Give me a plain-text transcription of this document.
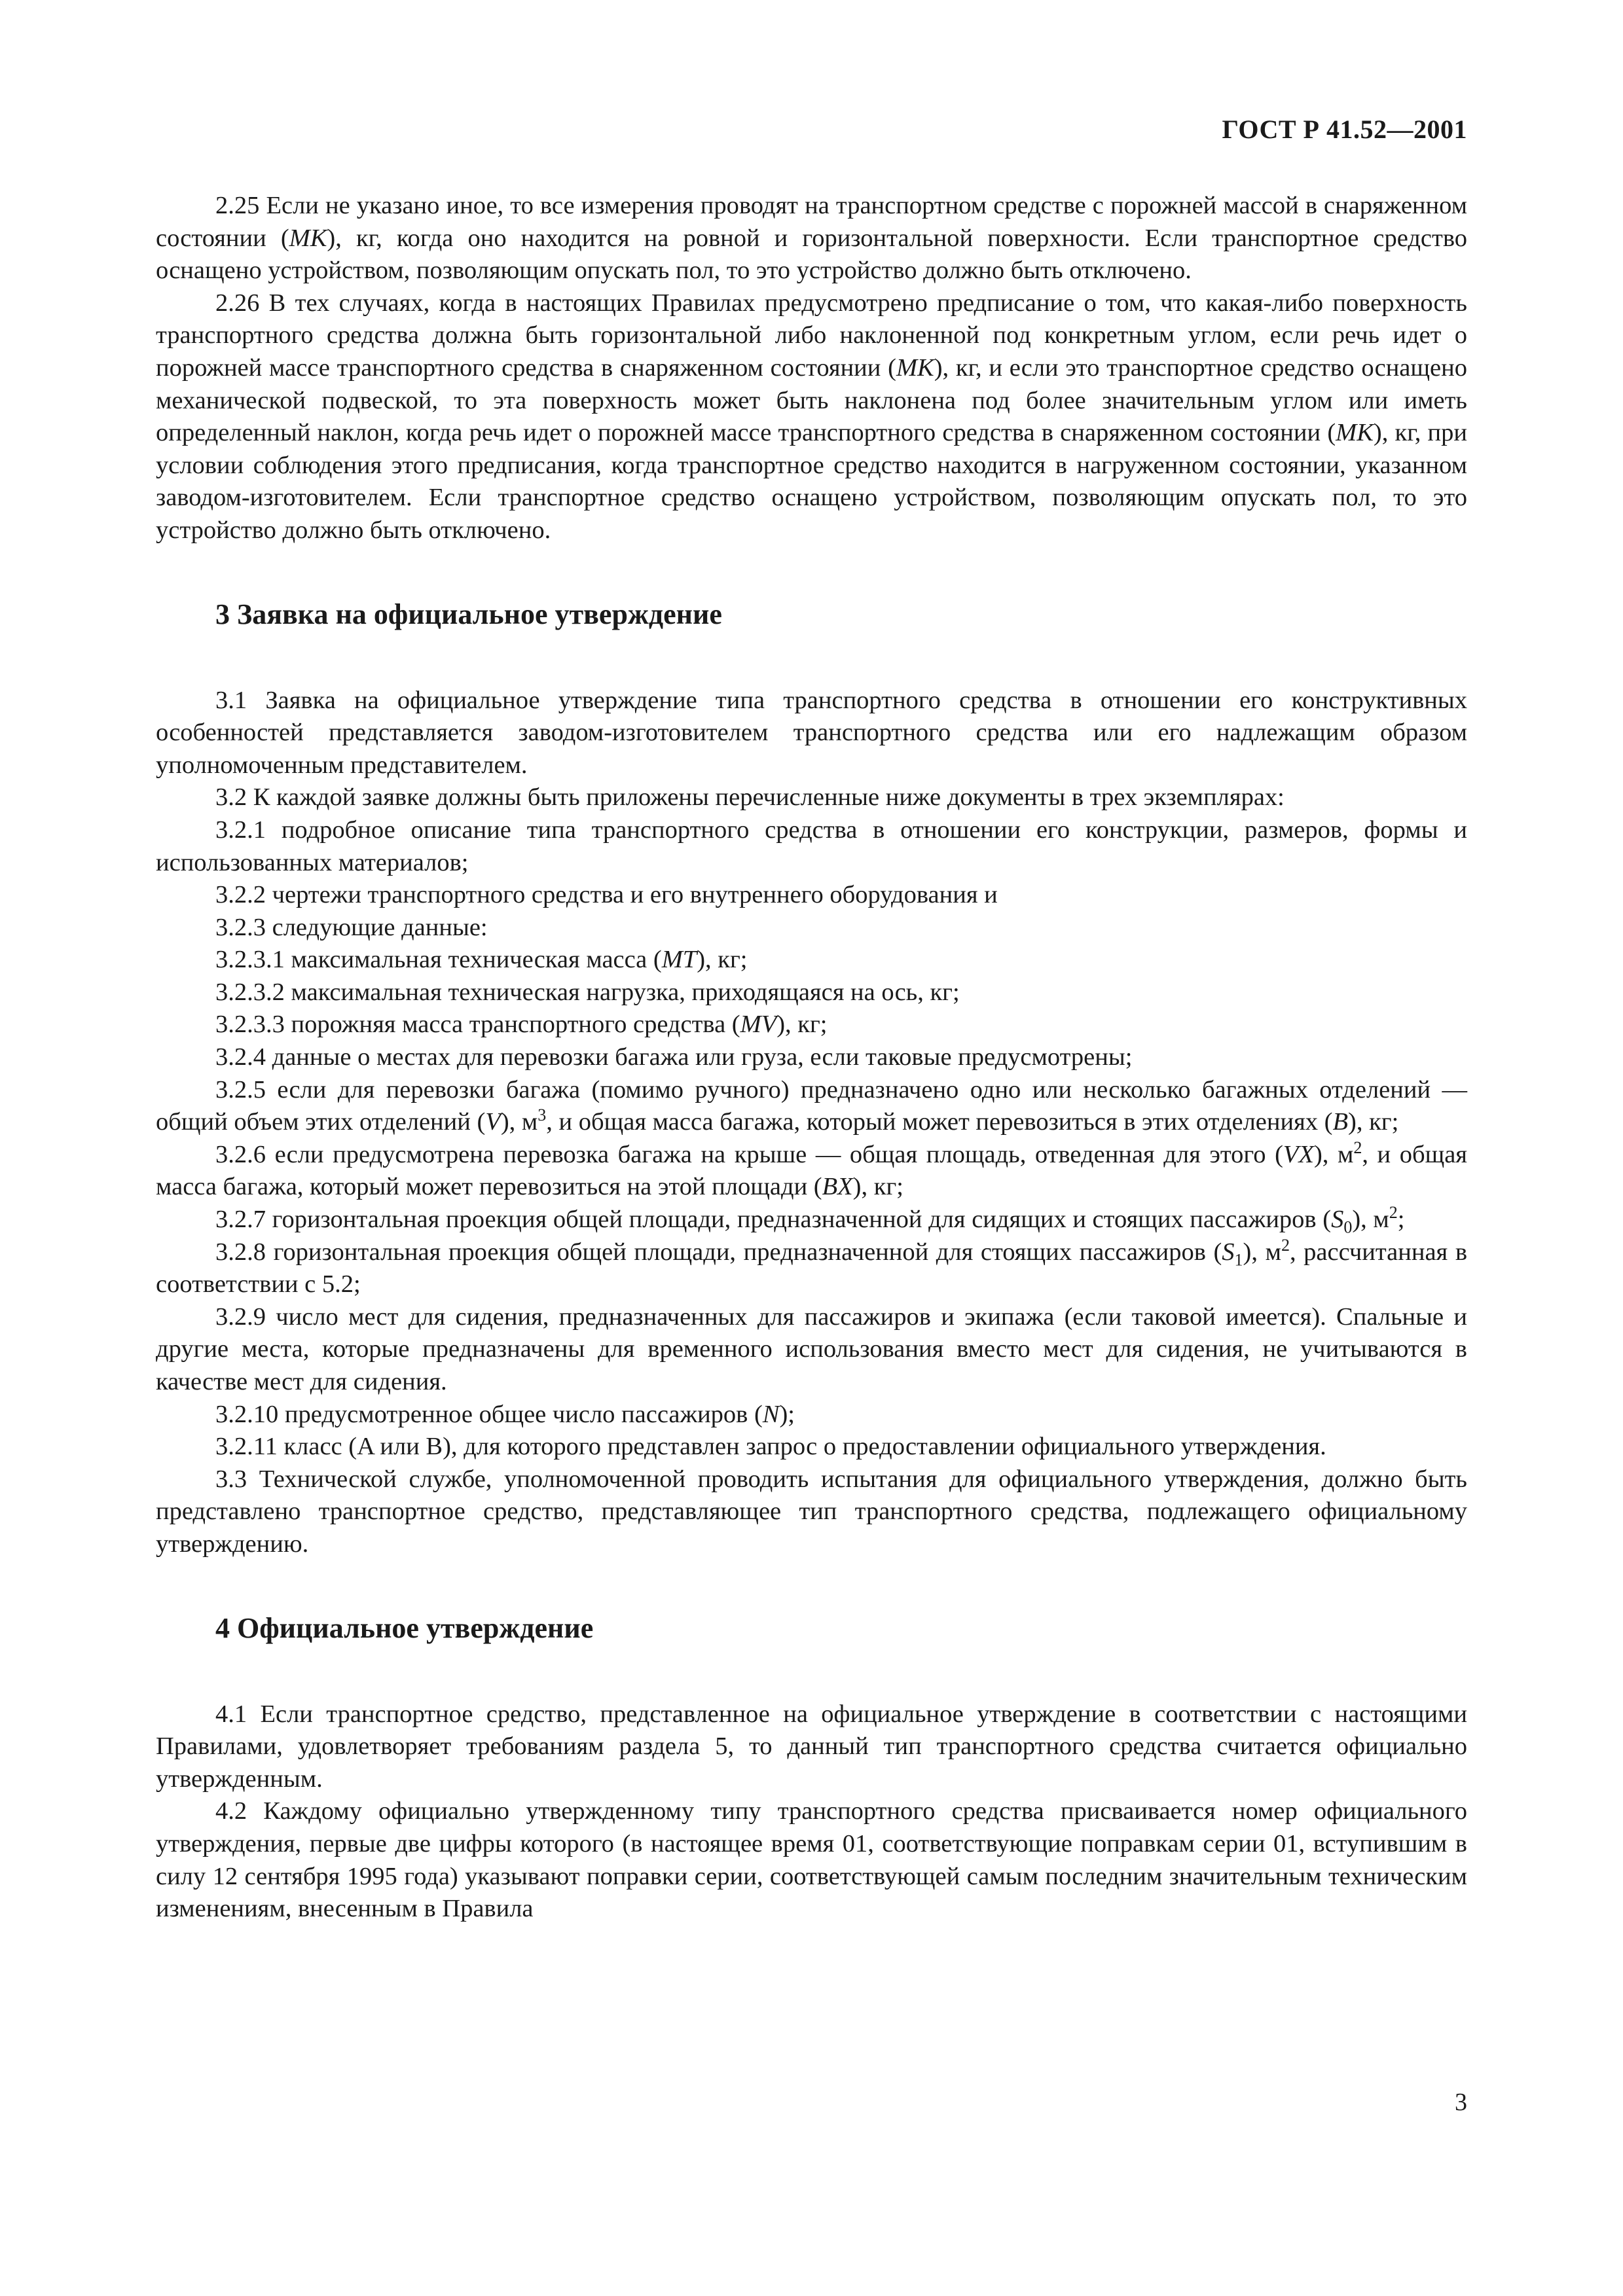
ГОСТ Р 41.52—2001

2.25 Если не указано иное, то все измерения проводят на транспортном средстве с порожней массой в снаряженном состоянии (MK), кг, когда оно находится на ровной и горизонтальной поверхности. Если транспортное средство оснащено устройством, позволяющим опускать пол, то это устройство должно быть отключено.

2.26 В тех случаях, когда в настоящих Правилах предусмотрено предписание о том, что какая-либо поверхность транспортного средства должна быть горизонтальной либо наклоненной под конкретным углом, если речь идет о порожней массе транспортного средства в снаряженном состоянии (MK), кг, и если это транспортное средство оснащено механической подвеской, то эта поверхность может быть наклонена под более значительным углом или иметь определенный наклон, когда речь идет о порожней массе транспортного средства в снаряженном состоянии (MK), кг, при условии соблюдения этого предписания, когда транспортное средство находится в нагруженном состоянии, указанном заводом-изготовителем. Если транспортное средство оснащено устройством, позволяющим опускать пол, то это устройство должно быть отключено.

3 Заявка на официальное утверждение

3.1 Заявка на официальное утверждение типа транспортного средства в отношении его конструктивных особенностей представляется заводом-изготовителем транспортного средства или его надлежащим образом уполномоченным представителем.

3.2 К каждой заявке должны быть приложены перечисленные ниже документы в трех экземплярах:

3.2.1 подробное описание типа транспортного средства в отношении его конструкции, размеров, формы и использованных материалов;

3.2.2 чертежи транспортного средства и его внутреннего оборудования и

3.2.3 следующие данные:

3.2.3.1 максимальная техническая масса (MT), кг;

3.2.3.2 максимальная техническая нагрузка, приходящаяся на ось, кг;

3.2.3.3 порожняя масса транспортного средства (MV), кг;

3.2.4 данные о местах для перевозки багажа или груза, если таковые предусмотрены;

3.2.5 если для перевозки багажа (помимо ручного) предназначено одно или несколько багажных отделений — общий объем этих отделений (V), $м^3$, и общая масса багажа, который может перевозиться в этих отделениях (B), кг;

3.2.6 если предусмотрена перевозка багажа на крыше — общая площадь, отведенная для этого (VX), $м^2$, и общая масса багажа, который может перевозиться на этой площади (BX), кг;

3.2.7 горизонтальная проекция общей площади, предназначенной для сидящих и стоящих пассажиров $(S_0)$, $м^2$;

3.2.8 горизонтальная проекция общей площади, предназначенной для стоящих пассажиров $(S_1)$, $м^2$, рассчитанная в соответствии с 5.2;

3.2.9 число мест для сидения, предназначенных для пассажиров и экипажа (если таковой имеется). Спальные и другие места, которые предназначены для временного использования вместо мест для сидения, не учитываются в качестве мест для сидения.

3.2.10 предусмотренное общее число пассажиров (N);

3.2.11 класс (A или B), для которого представлен запрос о предоставлении официального утверждения.

3.3 Технической службе, уполномоченной проводить испытания для официального утверждения, должно быть представлено транспортное средство, представляющее тип транспортного средства, подлежащего официальному утверждению.

4 Официальное утверждение

4.1 Если транспортное средство, представленное на официальное утверждение в соответствии с настоящими Правилами, удовлетворяет требованиям раздела 5, то данный тип транспортного средства считается официально утвержденным.

4.2 Каждому официально утвержденному типу транспортного средства присваивается номер официального утверждения, первые две цифры которого (в настоящее время 01, соответствующие поправкам серии 01, вступившим в силу 12 сентября 1995 года) указывают поправки серии, соответствующей самым последним значительным техническим изменениям, внесенным в Правила

3
